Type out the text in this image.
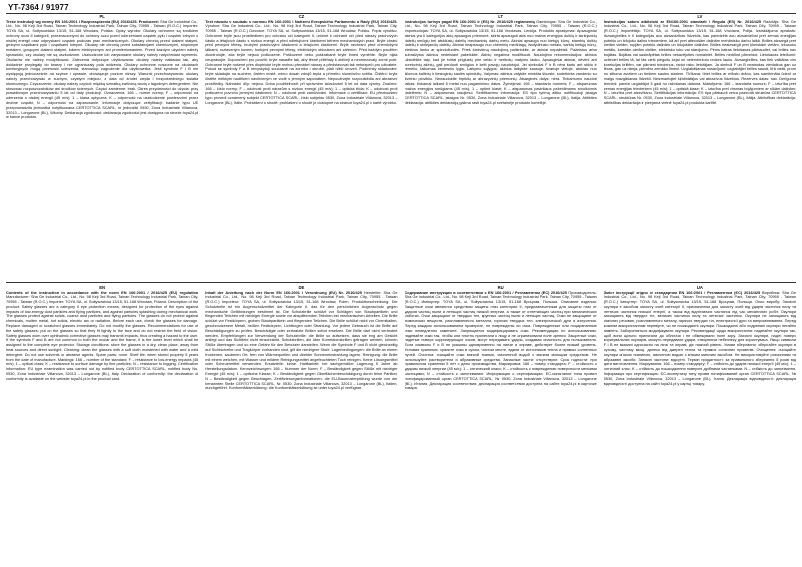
YT-7364 / 91977
PL
Treść instrukcji wg normy EN 166:2001 i Rozporządzenia (EU) 2016/425. Producent: Sha Ge Industrial Co., Ltd., No. 98 Keji 3rd Road, Tainan Technology Industrial Park, Tainan City, 70955 - Taiwan (R.O.C.) Importer: TOYA SA, ul. Sołtysowicka 13/15, 51-168 Wrocław, Polska. Opisy wyrobu: Okulary ochronne są środkiem ochrony oczu II kategorii, przeznaczonymi do ochrony oczu przed uderzeniami cząstek pyłu i cząstek lotnych o niskiej energii oraz odpryskami cząstek podczas prac mechanicznych. Okulary chronią przed ciałami stałymi, grubymi cząstkami pyłu i cząstkami lotnymi. Okulary nie chronią przed substancjami chemicznymi, stopionym metalem, gorącymi ciałami stałymi, łukiem elektrycznym ani promieniowaniem. Przed każdym użyciem należy sprawdzić, czy okulary nie są uszkodzone. Uszkodzone lub zarysowane okulary należy natychmiast wymienić. Okularów nie należy modyfikować. Zalecenia dotyczące użytkowania: okulary należy nakładać tak, aby dokładnie przylegały do twarzy i nie ograniczały pola widzenia. Okulary ochronne noszone na okularach korekcyjnych mogą przenosić uderzenia, stanowiąc zagrożenie dla użytkownika. Jeśli symbole F i B nie występują jednocześnie na szybce i oprawie, obowiązuje poziom niższy. Warunki przechowywania: okulary należy przechowywać w suchym, czystym miejscu, z dala od źródeł ciepła i bezpośredniego światła słonecznego. Czyszczenie: okulary należy czyścić miękką szmatką zwilżoną wodą z łagodnym detergentem. Nie stosować rozpuszczalników ani środków ściernych. Części zamienne: brak. Okres przydatności do użycia: przy prawidłowym przechowywaniu 5 lat od daty produkcji. Oznaczenia: 166 – numer normy; F – odporność na uderzenia o niskiej energii (45 m/s); 1 – klasa optyczna; K – odporność na uszkodzenie powierzchni przez drobne cząstki; N – odporność na zaparowanie. Informacje dotyczące certyfikacji: badanie typu UE przeprowadziła jednostka notyfikowana CERTOTTICA SCARL, nr jednostki 0530, Zona Industriale Villanova, 32013 – Longarone (BL), Włochy. Deklaracja zgodności: deklaracja zgodności jest dostępna na stronie toya24.pl w karcie produktu.
CZ
Text návodu v souladu s normou EN 166:2001 i Nařízení Evropského Parlamentu a Rady (EU) 2016/425. Výrobce: Sha Ge Industrial Co., Ltd., No. 98 Keji 3rd Road, Tainan Technology Industrial Park, Tainan City, 70955 - Taiwan (R.O.C.) Dovozce: TOYA SA, ul. Sołtysowicka 13/15, 51-168 Wrocław, Polsko. Popis výrobku: Ochranné brýle jsou prostředkem pro ochranu očí kategorie II, určené k ochraně očí před nárazy prachových částic a létajících částic s nízkou energií a před odletujícími částicemi během mechanických prací. Brýle chrání před pevnými tělesy, hrubými prachovými částicemi a létajícími částicemi. Brýle nechrání před chemickými látkami, roztaveným kovem, horkými pevnými tělesy, elektrickým obloukem ani zářením. Před každým použitím zkontrolujte, zda brýle nejsou poškozené. Poškozené nebo poškrábané brýle ihned vyměňte. Brýle nijak neupravujte. Doporučení pro použití: brýle nasaďte tak, aby těsně přiléhaly k obličeji a neomezovaly zorné pole. Ochranné brýle nošené přes dioptrické brýle mohou přenášet nárazy a představovat tak nebezpečí pro uživatele. Pokud se symboly F a B nevyskytují současně na zorníku i obrubě, platí nižší úroveň. Podmínky skladování: brýle skladujte na suchém, čistém místě, mimo dosah zdrojů tepla a přímého slunečního světla. Čištění: brýle čistěte měkkým hadříkem navlhčeným ve vodě s jemným saponátem. Nepoužívejte rozpouštědla ani abrazivní prostředky. Náhradní díly: nejsou. Doba použitelnosti: při správném skladování 5 let od data výroby. Značení: 166 – číslo normy; F – odolnost proti nárazům s nízkou energií (45 m/s); 1 – optická třída; K – odolnost proti poškození povrchu jemnými částicemi; N – odolnost proti zamlžování. Informace o certifikaci: EU přezkoušení typu provedl oznámený subjekt CERTOTTICA SCARL, číslo subjektu 0530, Zona Industriale Villanova, 32013 – Longarone (BL), Itálie. Prohlášení o shodě: prohlášení o shodě je dostupné na stránce toya24.pl v kartě výrobku.
LT
Instrukcijos turinys pagal EN 166:2001 ir (ES) Nr. 2016/425 reglamentą Gamintojas: Sha Ge Industrial Co., Ltd., No. 98 Keji 3rd Road, Tainan Technology Industrial Park, Tainan City, 70955 - Taiwan (R.O.C.) Importuotojas: TOYA SA, ul. Sołtysowicka 13/15, 51-168 Vroclavas, Lenkija. Produkto aprašymas: Apsauginiai akiniai yra II kategorijos akių apsaugos priemonė, skirta apsaugoti akis nuo mažos energijos dulkių ir skriejančių dalelių smūgių bei atskilusių dalelių mechaninių darbų metu. Akiniai apsaugo nuo kietųjų kūnų, stambių dulkių dalelių ir skriejančių dalelių. Akiniai neapsaugo nuo cheminių medžiagų, išsilydžiusio metalo, karštų kietųjų kūnų, elektros lanko ar spinduliuotės. Prieš kiekvieną naudojimą patikrinkite, ar akiniai nepažeisti. Pažeistus arba subraižytus akinius nedelsiant pakeiskite. Akinių negalima modifikuoti. Naudojimo rekomendacijos: akinius užsidėkite taip, kad jie tvirtai priglustų prie veido ir neribotų matymo lauko. Apsauginiai akiniai, dėvimi ant korekcinių akinių, gali perduoti smūgius ir kelti pavojų naudotojui. Jei simboliai F ir B nėra kartu ant stiklo ir rėmelio, taikomas žemesnis lygis. Laikymo sąlygos: akinius laikykite sausoje, švarioje vietoje, atokiau nuo šilumos šaltinių ir tiesioginių saulės spindulių. Valymas: akinius valykite minkšta šluoste, sudrėkinta vandeniu su švelniu plovikliu. Nenaudokite tirpiklių ar abrazyvinių priemonių. Atsarginės dalys: nėra. Tinkamumo naudoti laikas: tinkamai laikant 5 metai nuo pagaminimo datos. Žymėjimai: 166 – standarto numeris; F – atsparumas mažos energijos smūgiams (45 m/s); 1 – optinė klasė; K – atsparumas paviršiaus pažeidimams smulkiomis dalelėmis; N – atsparumas rasojimui. Sertifikavimo informacija: ES tipo tyrimą atliko notifikuotoji įstaiga CERTOTTICA SCARL, įstaigos Nr. 0530, Zona Industriale Villanova, 32013 – Longarone (BL), Italija. Atitikties deklaracija: atitikties deklaraciją galima rasti toya24.pl svetainėje produkto kortelėje.
LV
Instrukcijas saturs atbilstoši ar EN166:2001 standarti / Regula (ES) Nr. 2016/425 Ražotājs: Sha Ge Industrial Co., Ltd., No. 98 Keji 3rd Road, Tainan Technology Industrial Park, Tainan City, 70955 - Taiwan (R.O.C.) Importētājs: TOYA SA, ul. Sołtysowicka 13/15, 51-168 Vroclava, Polija. Izstrādājuma apraksts: Aizsargbrilles ir II kategorijas acu aizsardzības līdzeklis, kas paredzēts acu aizsardzībai pret zemas enerģijas putekļu un lidojošu daļiņu triecieniem, kā arī pret atlecošām daļiņām mehānisko darbu laikā. Brilles aizsargā pret cietām vielām, rupjām putekļu daļiņām un lidojošām daļiņām. Brilles neaizsargā pret ķīmiskām vielām, izkusušu metālu, karstām cietām vielām, elektrisko loku vai starojumu. Pirms katras lietošanas pārbaudiet, vai brilles nav bojātas. Bojātas vai saskrāpētas brilles nekavējoties nomainiet. Brilles nedrīkst pārveidot. Lietošanas ieteikumi: uzlieciet brilles tā, lai tās cieši piegultu sejai un neierobežotu redzes lauku. Aizsargbrilles, kas tiek valkātas virs korekcijas brillēm, var pārnest triecienus, radot risku lietotājam. Ja simboli F un B neatrodas vienlaikus gan uz lēcas, gan uz rāmja, piemēro zemāko līmeni. Uzglabāšanas nosacījumi: uzglabājiet brilles sausā, tīrā vietā, prom no siltuma avotiem un tiešiem saules stariem. Tīrīšana: tīriet brilles ar mīkstu drānu, kas samitrināta ūdenī ar maigu mazgāšanas līdzekli. Neizmantojiet šķīdinātājus vai abrazīvus līdzekļus. Rezerves daļas: nav. Derīguma termiņš: pareizi uzglabājot 5 gadi no ražošanas datuma. Marķējums: 166 – standarta numurs; F – izturība pret zemas enerģijas triecieniem (45 m/s); 1 – optiskā klase; K – izturība pret virsmas bojājumiem ar sīkām daļiņām; N – izturība pret aizsvīšanu. Sertifikācijas informācija: ES tipa pārbaudi veica paziņotā struktūra CERTOTTICA SCARL, struktūras Nr. 0530, Zona Industriale Villanova, 32013 – Longarone (BL), Itālija. Atbilstības deklarācija: atbilstības deklarācija ir pieejama vietnē toya24.pl produkta kartītē.
EN
Contents of the instruction in accordance with the norm EN 166:2001 / 2016/425 (EU) regulation Manufacturer: Sha Ge Industrial Co., Ltd., No. 98 Keji 3rd Road, Tainan Technology Industrial Park, Tainan City, 70955 - Taiwan (R.O.C.) Importer: TOYA SA, ul. Sołtysowicka 13/15, 51-168 Wrocław, Poland. Description of the product: Safety glasses are a category II eye protection means, designed for protection of the eyes against impacts of low-energy dust particles and flying particles, and against particles splashing during mechanical work. The glasses protect against solids, coarse dust particles and flying particles. The glasses do not protect against chemicals, molten metal, hot solids, electric arc or radiation. Before each use, check the glasses for damage. Replace damaged or scratched glasses immediately. Do not modify the glasses. Recommendations for use of the safety glasses: put on the glasses so that they fit tightly to the face and do not restrict the field of vision. Safety glasses worn over ophthalmic corrective glasses may transmit impacts, thus creating a hazard to the user. If the symbols F and B are not common to both the ocular and the frame, it is the lower level which shall be assigned to the complete eye protector. Storage conditions: store the glasses in a dry, clean place, away from heat sources and direct sunlight. Cleaning: clean the glasses with a soft cloth moistened with water and a mild detergent. Do not use solvents or abrasive agents. Spare parts: none. Shelf life: when stored properly 5 years from the date of manufacture. Markings: 166 – number of the standard; F – resistance to low-energy impacts (45 m/s); 1 – optical class; K – resistance to surface damage by fine particles; N – resistance to fogging. Certification information: EU type examination was carried out by notified body CERTOTTICA SCARL, notified body No. 0530, Zona Industriale Villanova, 32013 – Longarone (BL), Italy. Declaration of conformity: the declaration of conformity is available on the website toya24.pl in the product card.
DE
Inhalt der Anleitung nach der Norm EN 166:2001 / Verordnung (EU) Nr. 2016/425 Hersteller: Sha Ge Industrial Co., Ltd., No. 98 Keji 3rd Road, Tainan Technology Industrial Park, Tainan City, 70955 - Taiwan (R.O.C.) Importeur: TOYA SA, ul. Sołtysowicka 13/15, 51-168 Wrocław, Polen. Produktbeschreibung: Die Schutzbrille ist ein Augenschutzmittel der Kategorie II, das für den persönlichen Augenschutz gegen mechanische Gefährdungen bestimmt ist. Die Schutzbrille schützt vor Schlägen von Staubpartikeln und fliegenden Teilchen mit niedriger Energie sowie vor absplitternden Teilchen bei mechanischen Arbeiten. Die Brille schützt vor Festkörpern, groben Staubpartikeln und fliegenden Teilchen. Die Brille schützt nicht vor Chemikalien, geschmolzenem Metall, heißen Festkörpern, Lichtbogen oder Strahlung. Vor jedem Gebrauch ist die Brille auf Beschädigungen zu prüfen. Beschädigte oder zerkratzte Brillen sofort ersetzen. Die Brille darf nicht verändert werden. Empfehlungen zur Verwendung der Schutzbrille: die Brille so aufsetzen, dass sie eng am Gesicht anliegt und das Sichtfeld nicht einschränkt. Schutzbrillen, die über Korrektionsbrillen getragen werden, können Stöße übertragen und so eine Gefahr für den Benutzer darstellen. Wenn die Symbole F und B nicht gleichzeitig auf Sichtscheibe und Tragkörper vorhanden sind, gilt die niedrigere Stufe. Lagerbedingungen: die Brille an einem trockenen, sauberen Ort, fern von Wärmequellen und direkter Sonneneinstrahlung lagern. Reinigung: die Brille mit einem weichen, mit Wasser und mildem Reinigungsmittel angefeuchteten Tuch reinigen. Keine Lösungsmittel oder Scheuermittel verwenden. Ersatzteile: keine. Haltbarkeit: bei sachgemäßer Lagerung 5 Jahre ab Herstellungsdatum. Kennzeichnungen: 166 – Nummer der Norm; F – Beständigkeit gegen Stöße mit niedriger Energie (45 m/s); 1 – optische Klasse; K – Beständigkeit gegen Oberflächenbeschädigung durch feine Partikel; N – Beständigkeit gegen Beschlagen. Zertifizierungsinformationen: die EU-Baumusterprüfung wurde von der benannten Stelle CERTOTTICA SCARL, Nr. 0530, Zona Industriale Villanova, 32013 – Longarone (BL), Italien, durchgeführt. Konformitätserklärung: die Konformitätserklärung ist unter toya24.pl verfügbar.
RU
Содержание инструкции в соответствии с EN 166:2001 / Регламентом (ЕС) 2016/425 Производитель: Sha Ge Industrial Co., Ltd., No. 98 Keji 3rd Road, Tainan Technology Industrial Park, Tainan City, 70955 - Taiwan (R.O.C.) Импортер: TOYA SA, ul. Sołtysowicka 13/15, 51-168 Вроцлав, Польша. Описание изделия: Защитные очки являются средством защиты глаз категории II, предназначенным для защиты глаз от ударов частиц пыли и летящих частиц низкой энергии, а также от отлетающих частиц при механических работах. Очки защищают от твердых тел, крупных частиц пыли и летящих частиц. Очки не защищают от химических веществ, расплавленного металла, горячих твердых тел, электрической дуги и излучения. Перед каждым использованием проверьте, не повреждены ли очки. Поврежденные или поцарапанные очки немедленно замените. Запрещается модифицировать очки. Рекомендации по использованию: надевайте очки так, чтобы они плотно прилегали к лицу и не ограничивали поле зрения. Защитные очки, надетые поверх корригирующих очков, могут передавать удары, создавая опасность для пользователя. Если символы F и B не указаны одновременно на линзе и оправе, действует более низкий уровень. Условия хранения: храните очки в сухом, чистом месте, вдали от источников тепла и прямых солнечных лучей. Очистка: очищайте очки мягкой тканью, смоченной водой с мягким моющим средством. Не используйте растворители и абразивные средства. Запасные части: отсутствуют. Срок годности: при правильном хранении 5 лет с даты производства. Маркировка: 166 – номер стандарта; F – стойкость к ударам низкой энергии (45 м/с); 1 – оптический класс; K – стойкость к повреждению поверхности мелкими частицами; N – стойкость к запотеванию. Информация о сертификации: ЕС-испытание типа провел нотифицированный орган CERTOTTICA SCARL, № 0530, Zona Industriale Villanova, 32013 – Longarone (BL), Италия. Декларация соответствия: декларация соответствия доступна на сайте toya24.pl в карточке товара.
UA
Зміст інструкції згідно зі стандартом EN 166:2001 / Регламентом (ЄС) 2016/425 Виробник: Sha Ge Industrial Co., Ltd., No. 98 Keji 3rd Road, Tainan Technology Industrial Park, Tainan City, 70955 - Taiwan (R.O.C.) Імпортер: TOYA SA, ul. Sołtysowicka 13/15, 51-168 Вроцлав, Польща. Опис виробу: Захисні окуляри є засобом захисту очей категорії II, призначеним для захисту очей від ударів частинок пилу та летючих частинок низької енергії, а також від відлітаючих частинок під час механічних робіт. Окуляри захищають від твердих тіл, великих частинок пилу та летючих частинок. Окуляри не захищають від хімічних речовин, розплавленого металу, гарячих твердих тіл, електричної дуги та випромінювання. Перед кожним використанням перевірте, чи не пошкоджені окуляри. Пошкоджені або подряпані окуляри негайно замініть. Забороняється модифікувати окуляри. Рекомендації щодо використання: надягайте окуляри так, щоб вони щільно прилягали до обличчя і не обмежували поле зору. Захисні окуляри, надіті поверх коригувальних окулярів, можуть передавати удари, створюючи небезпеку для користувача. Якщо символи F і B не вказані одночасно на лінзі та оправі, діє нижчий рівень. Умови зберігання: зберігайте окуляри в сухому, чистому місці, далеко від джерел тепла та прямих сонячних променів. Очищення: очищайте окуляри м'якою тканиною, змоченою водою з м'яким миючим засобом. Не використовуйте розчинники та абразивні засоби. Запасні частини: відсутні. Термін придатності: за правильного зберігання 5 років від дати виготовлення. Маркування: 166 – номер стандарту; F – стійкість до ударів низької енергії (45 м/с); 1 – оптичний клас; K – стійкість до пошкодження поверхні дрібними частинками; N – стійкість до запотівання. Інформація про сертифікацію: ЄС-експертизу типу провів нотифікований орган CERTOTTICA SCARL, № 0530, Zona Industriale Villanova, 32013 – Longarone (BL), Італія. Декларація відповідності: декларація відповідності доступна на сайті toya24.pl у картці товару.
